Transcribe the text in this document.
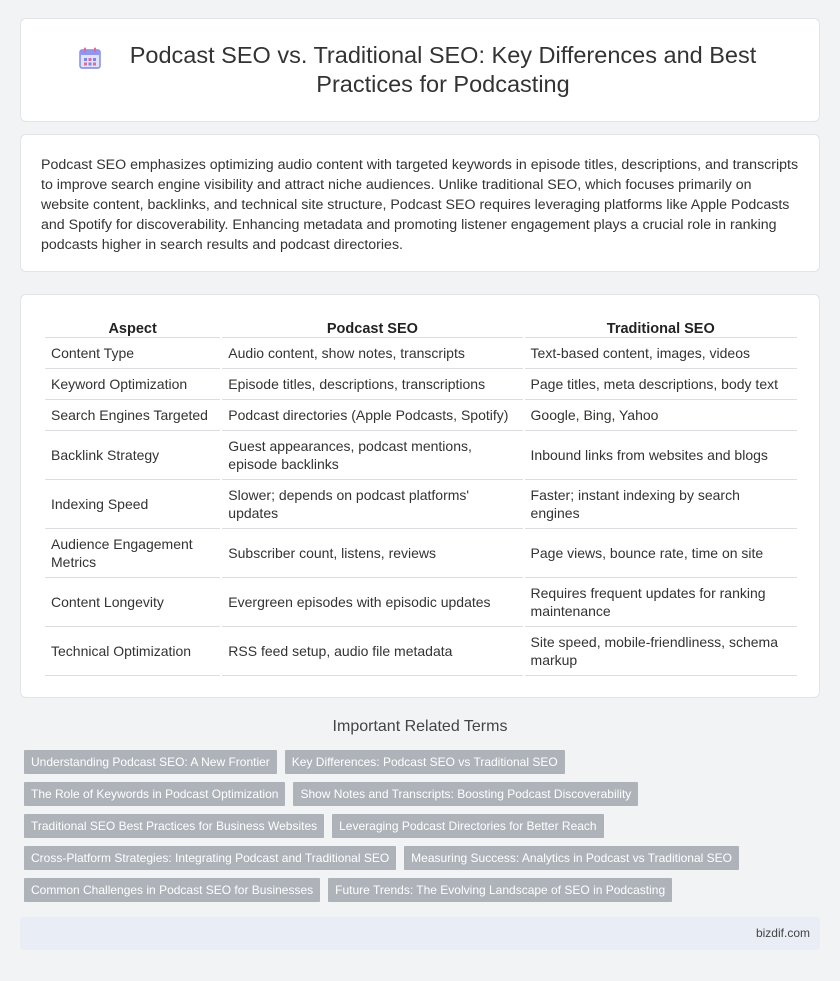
Podcast SEO vs. Traditional SEO: Key Differences and Best Practices for Podcasting

Podcast SEO emphasizes optimizing audio content with targeted keywords in episode titles, descriptions, and transcripts to improve search engine visibility and attract niche audiences. Unlike traditional SEO, which focuses primarily on website content, backlinks, and technical site structure, Podcast SEO requires leveraging platforms like Apple Podcasts and Spotify for discoverability. Enhancing metadata and promoting listener engagement plays a crucial role in ranking podcasts higher in search results and podcast directories.

Aspect	Podcast SEO	Traditional SEO
Content Type	Audio content, show notes, transcripts	Text-based content, images, videos
Keyword Optimization	Episode titles, descriptions, transcriptions	Page titles, meta descriptions, body text
Search Engines Targeted	Podcast directories (Apple Podcasts, Spotify)	Google, Bing, Yahoo
Backlink Strategy	Guest appearances, podcast mentions, episode backlinks	Inbound links from websites and blogs
Indexing Speed	Slower; depends on podcast platforms' updates	Faster; instant indexing by search engines
Audience Engagement Metrics	Subscriber count, listens, reviews	Page views, bounce rate, time on site
Content Longevity	Evergreen episodes with episodic updates	Requires frequent updates for ranking maintenance
Technical Optimization	RSS feed setup, audio file metadata	Site speed, mobile-friendliness, schema markup
Important Related Terms
Understanding Podcast SEO: A New Frontier	Key Differences: Podcast SEO vs Traditional SEO
The Role of Keywords in Podcast Optimization	Show Notes and Transcripts: Boosting Podcast Discoverability
Traditional SEO Best Practices for Business Websites	Leveraging Podcast Directories for Better Reach
Cross-Platform Strategies: Integrating Podcast and Traditional SEO	Measuring Success: Analytics in Podcast vs Traditional SEO
Common Challenges in Podcast SEO for Businesses	Future Trends: The Evolving Landscape of SEO in Podcasting
bizdif.com
